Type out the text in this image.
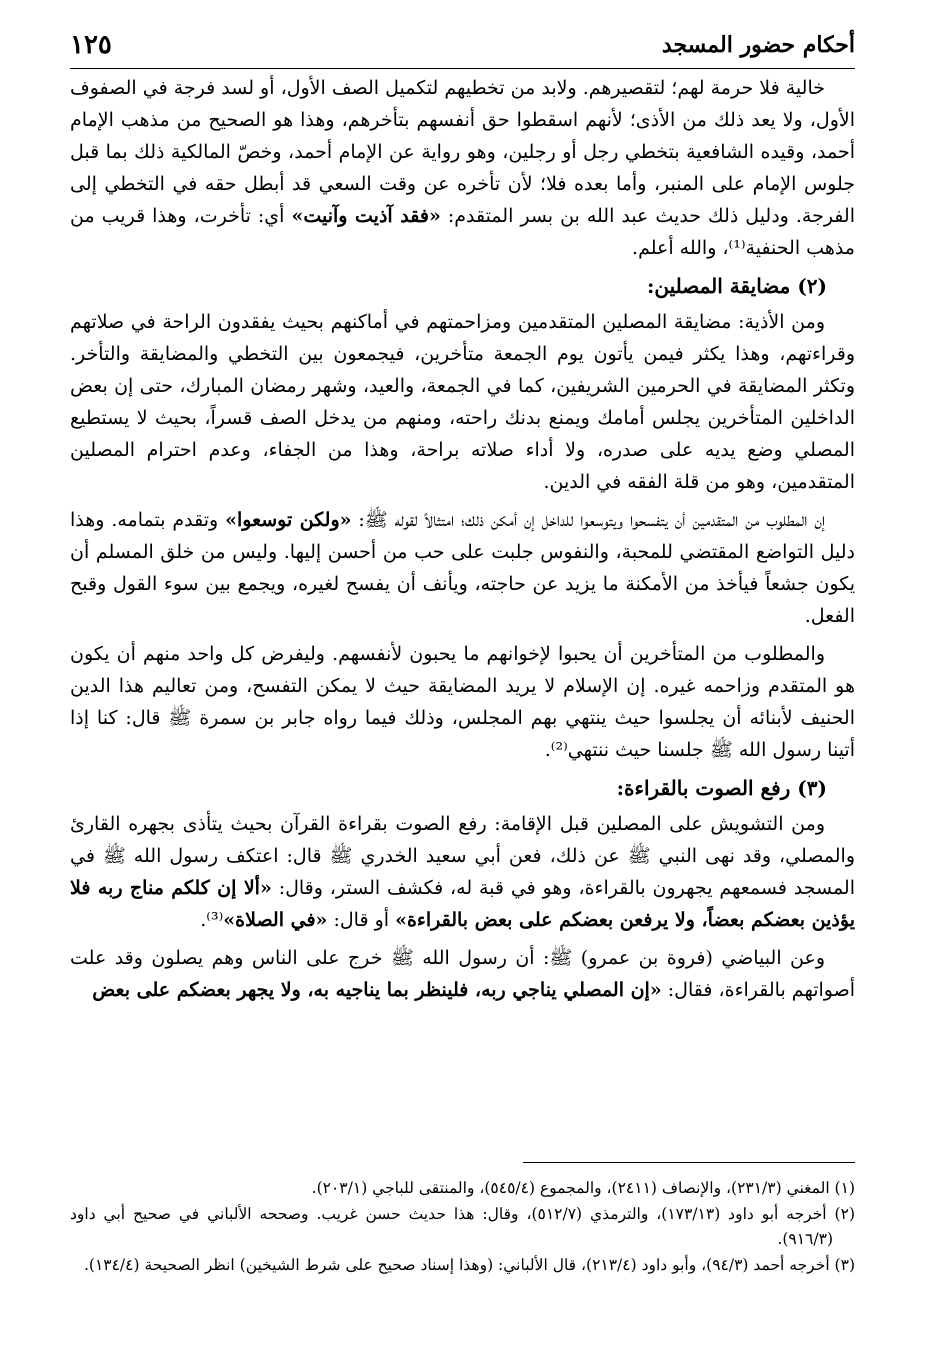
أحكام حضور المسجد
١٢٥

خالية فلا حرمة لهم؛ لتقصيرهم. ولابد من تخطيهم لتكميل الصف الأول، أو لسد فرجة في الصفوف الأول، ولا يعد ذلك من الأذى؛ لأنهم اسقطوا حق أنفسهم بتأخرهم، وهذا هو الصحيح من مذهب الإمام أحمد، وقيده الشافعية بتخطي رجل أو رجلين، وهو رواية عن الإمام أحمد، وخصّ المالكية ذلك بما قبل جلوس الإمام على المنبر، وأما بعده فلا؛ لأن تأخره عن وقت السعي قد أبطل حقه في التخطي إلى الفرجة. ودليل ذلك حديث عبد الله بن بسر المتقدم: «فقد آذيت وآنيت» أي: تأخرت، وهذا قريب من مذهب الحنفية⁽¹⁾، والله أعلم.

(٢) مضايقة المصلين:

ومن الأذية: مضايقة المصلين المتقدمين ومزاحمتهم في أماكنهم بحيث يفقدون الراحة في صلاتهم وقراءتهم، وهذا يكثر فيمن يأتون يوم الجمعة متأخرين، فيجمعون بين التخطي والمضايقة والتأخر. وتكثر المضايقة في الحرمين الشريفين، كما في الجمعة، والعيد، وشهر رمضان المبارك، حتى إن بعض الداخلين المتأخرين يجلس أمامك ويمنع بدنك راحته، ومنهم من يدخل الصف قسراً، بحيث لا يستطيع المصلي وضع يديه على صدره، ولا أداء صلاته براحة، وهذا من الجفاء، وعدم احترام المصلين المتقدمين، وهو من قلة الفقه في الدين.

إن المطلوب من المتقدمين أن يتفسحوا ويتوسعوا للداخل إن أمكن ذلك؛ امتثالاً لقوله ﷺ: «ولكن توسعوا» وتقدم بتمامه. وهذا دليل التواضع المقتضي للمحبة، والنفوس جلبت على حب من أحسن إليها. وليس من خلق المسلم أن يكون جشعاً فيأخذ من الأمكنة ما يزيد عن حاجته، ويأنف أن يفسح لغيره، ويجمع بين سوء القول وقبح الفعل.

والمطلوب من المتأخرين أن يحبوا لإخوانهم ما يحبون لأنفسهم. وليفرض كل واحد منهم أن يكون هو المتقدم وزاحمه غيره. إن الإسلام لا يريد المضايقة حيث لا يمكن التفسح، ومن تعاليم هذا الدين الحنيف لأبنائه أن يجلسوا حيث ينتهي بهم المجلس، وذلك فيما رواه جابر بن سمرة ﷺ قال: كنا إذا أتينا رسول الله ﷺ جلسنا حيث ننتهي⁽²⁾.

(٣) رفع الصوت بالقراءة:

ومن التشويش على المصلين قبل الإقامة: رفع الصوت بقراءة القرآن بحيث يتأذى بجهره القارئ والمصلي، وقد نهى النبي ﷺ عن ذلك، فعن أبي سعيد الخدري ﷺ قال: اعتكف رسول الله ﷺ في المسجد فسمعهم يجهرون بالقراءة، وهو في قبة له، فكشف الستر، وقال: «ألا إن كلكم مناج ربه فلا يؤذين بعضكم بعضاً، ولا يرفعن بعضكم على بعض بالقراءة» أو قال: «في الصلاة»⁽³⁾.

وعن البياضي (فروة بن عمرو) ﷺ: أن رسول الله ﷺ خرج على الناس وهم يصلون وقد علت أصواتهم بالقراءة، فقال: «إن المصلي يناجي ربه، فلينظر بما يناجيه به، ولا يجهر بعضكم على بعض

(١) المغني (٢٣١/٣)، والإنصاف (٢٤١١)، والمجموع (٥٤٥/٤)، والمنتقى للباجي (٢٠٣/١).

(٢) أخرجه أبو داود (١٧٣/١٣)، والترمذي (٥١٢/٧)، وقال: هذا حديث حسن غريب. وصححه الألباني في صحيح أبي داود (٩١٦/٣).

(٣) أخرجه أحمد (٩٤/٣)، وأبو داود (٢١٣/٤)، قال الألباني: (وهذا إسناد صحيح على شرط الشيخين) انظر الصحيحة (١٣٤/٤).
